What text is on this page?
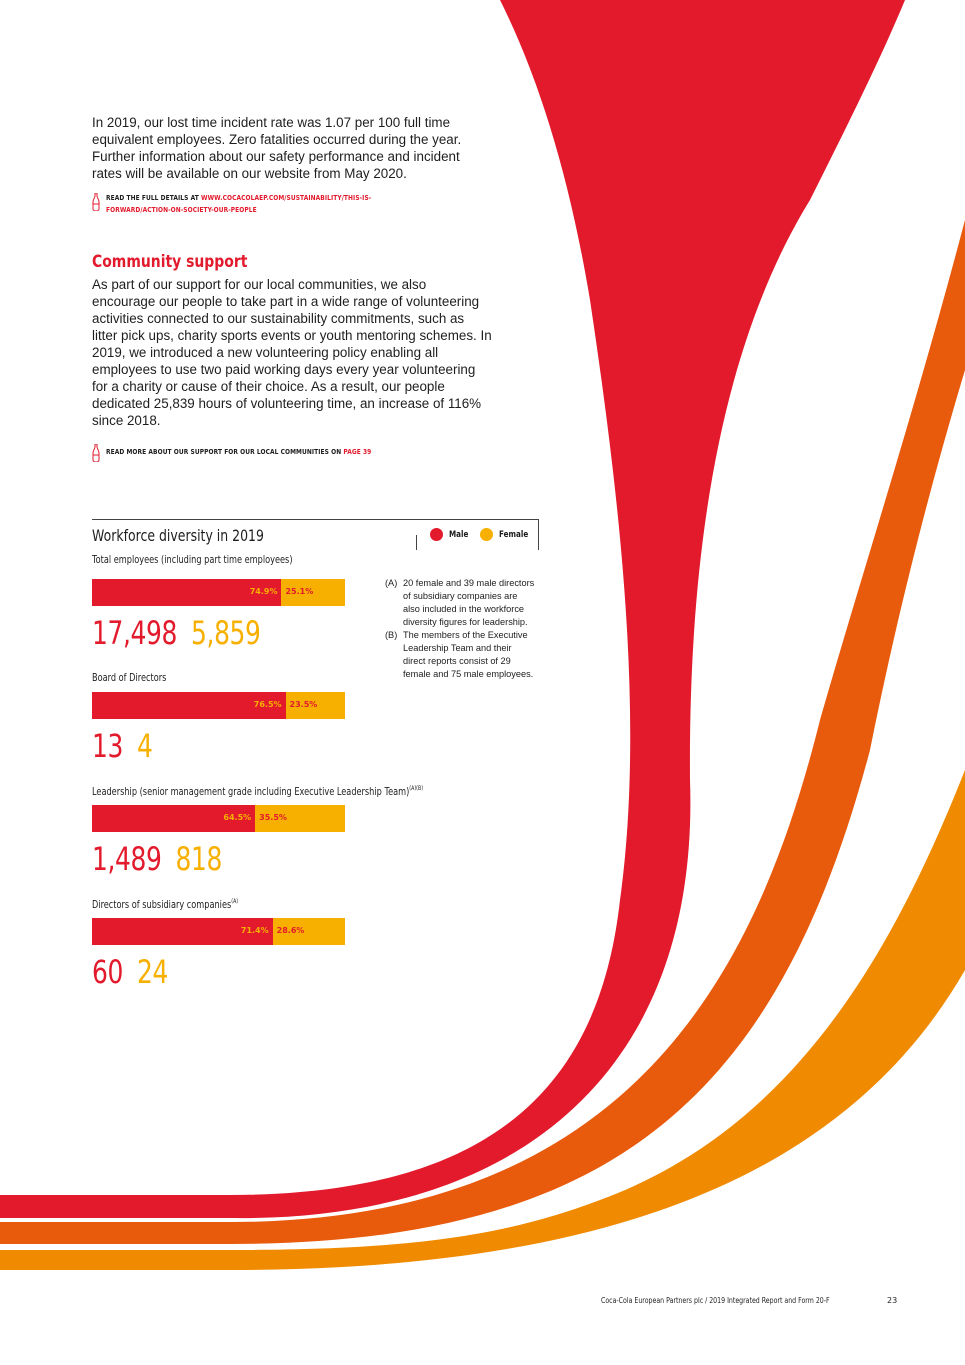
In 2019, our lost time incident rate was 1.07 per 100 full time equivalent employees. Zero fatalities occurred during the year. Further information about our safety performance and incident rates will be available on our website from May 2020.

READ THE FULL DETAILS AT WWW.COCACOLAEP.COM/SUSTAINABILITY/THIS-IS-FORWARD/ACTION-ON-SOCIETY-OUR-PEOPLE
Community support

As part of our support for our local communities, we also encourage our people to take part in a wide range of volunteering activities connected to our sustainability commitments, such as litter pick ups, charity sports events or youth mentoring schemes. In 2019, we introduced a new volunteering policy enabling all employees to use two paid working days every year volunteering for a charity or cause of their choice. As a result, our people dedicated 25,839 hours of volunteering time, an increase of 116% since 2018.

READ MORE ABOUT OUR SUPPORT FOR OUR LOCAL COMMUNITIES ON PAGE 39
Workforce diversity in 2019	Male	Female
Total employees (including part time employees)
74.9% 25.1%
17,498 5,859
Board of Directors
76.5% 23.5%
13 4
Leadership (senior management grade including Executive Leadership Team)$^{(A)(B)}$
64.5% 35.5%
1,489 818
Directors of subsidiary companies$^{(A)}$
71.4% 28.6%
60 24
(A) 20 female and 39 male directors of subsidiary companies are also included in the workforce diversity figures for leadership.
(B) The members of the Executive Leadership Team and their direct reports consist of 29 female and 75 male employees.
Coca-Cola European Partners plc / 2019 Integrated Report and Form 20-F	23
